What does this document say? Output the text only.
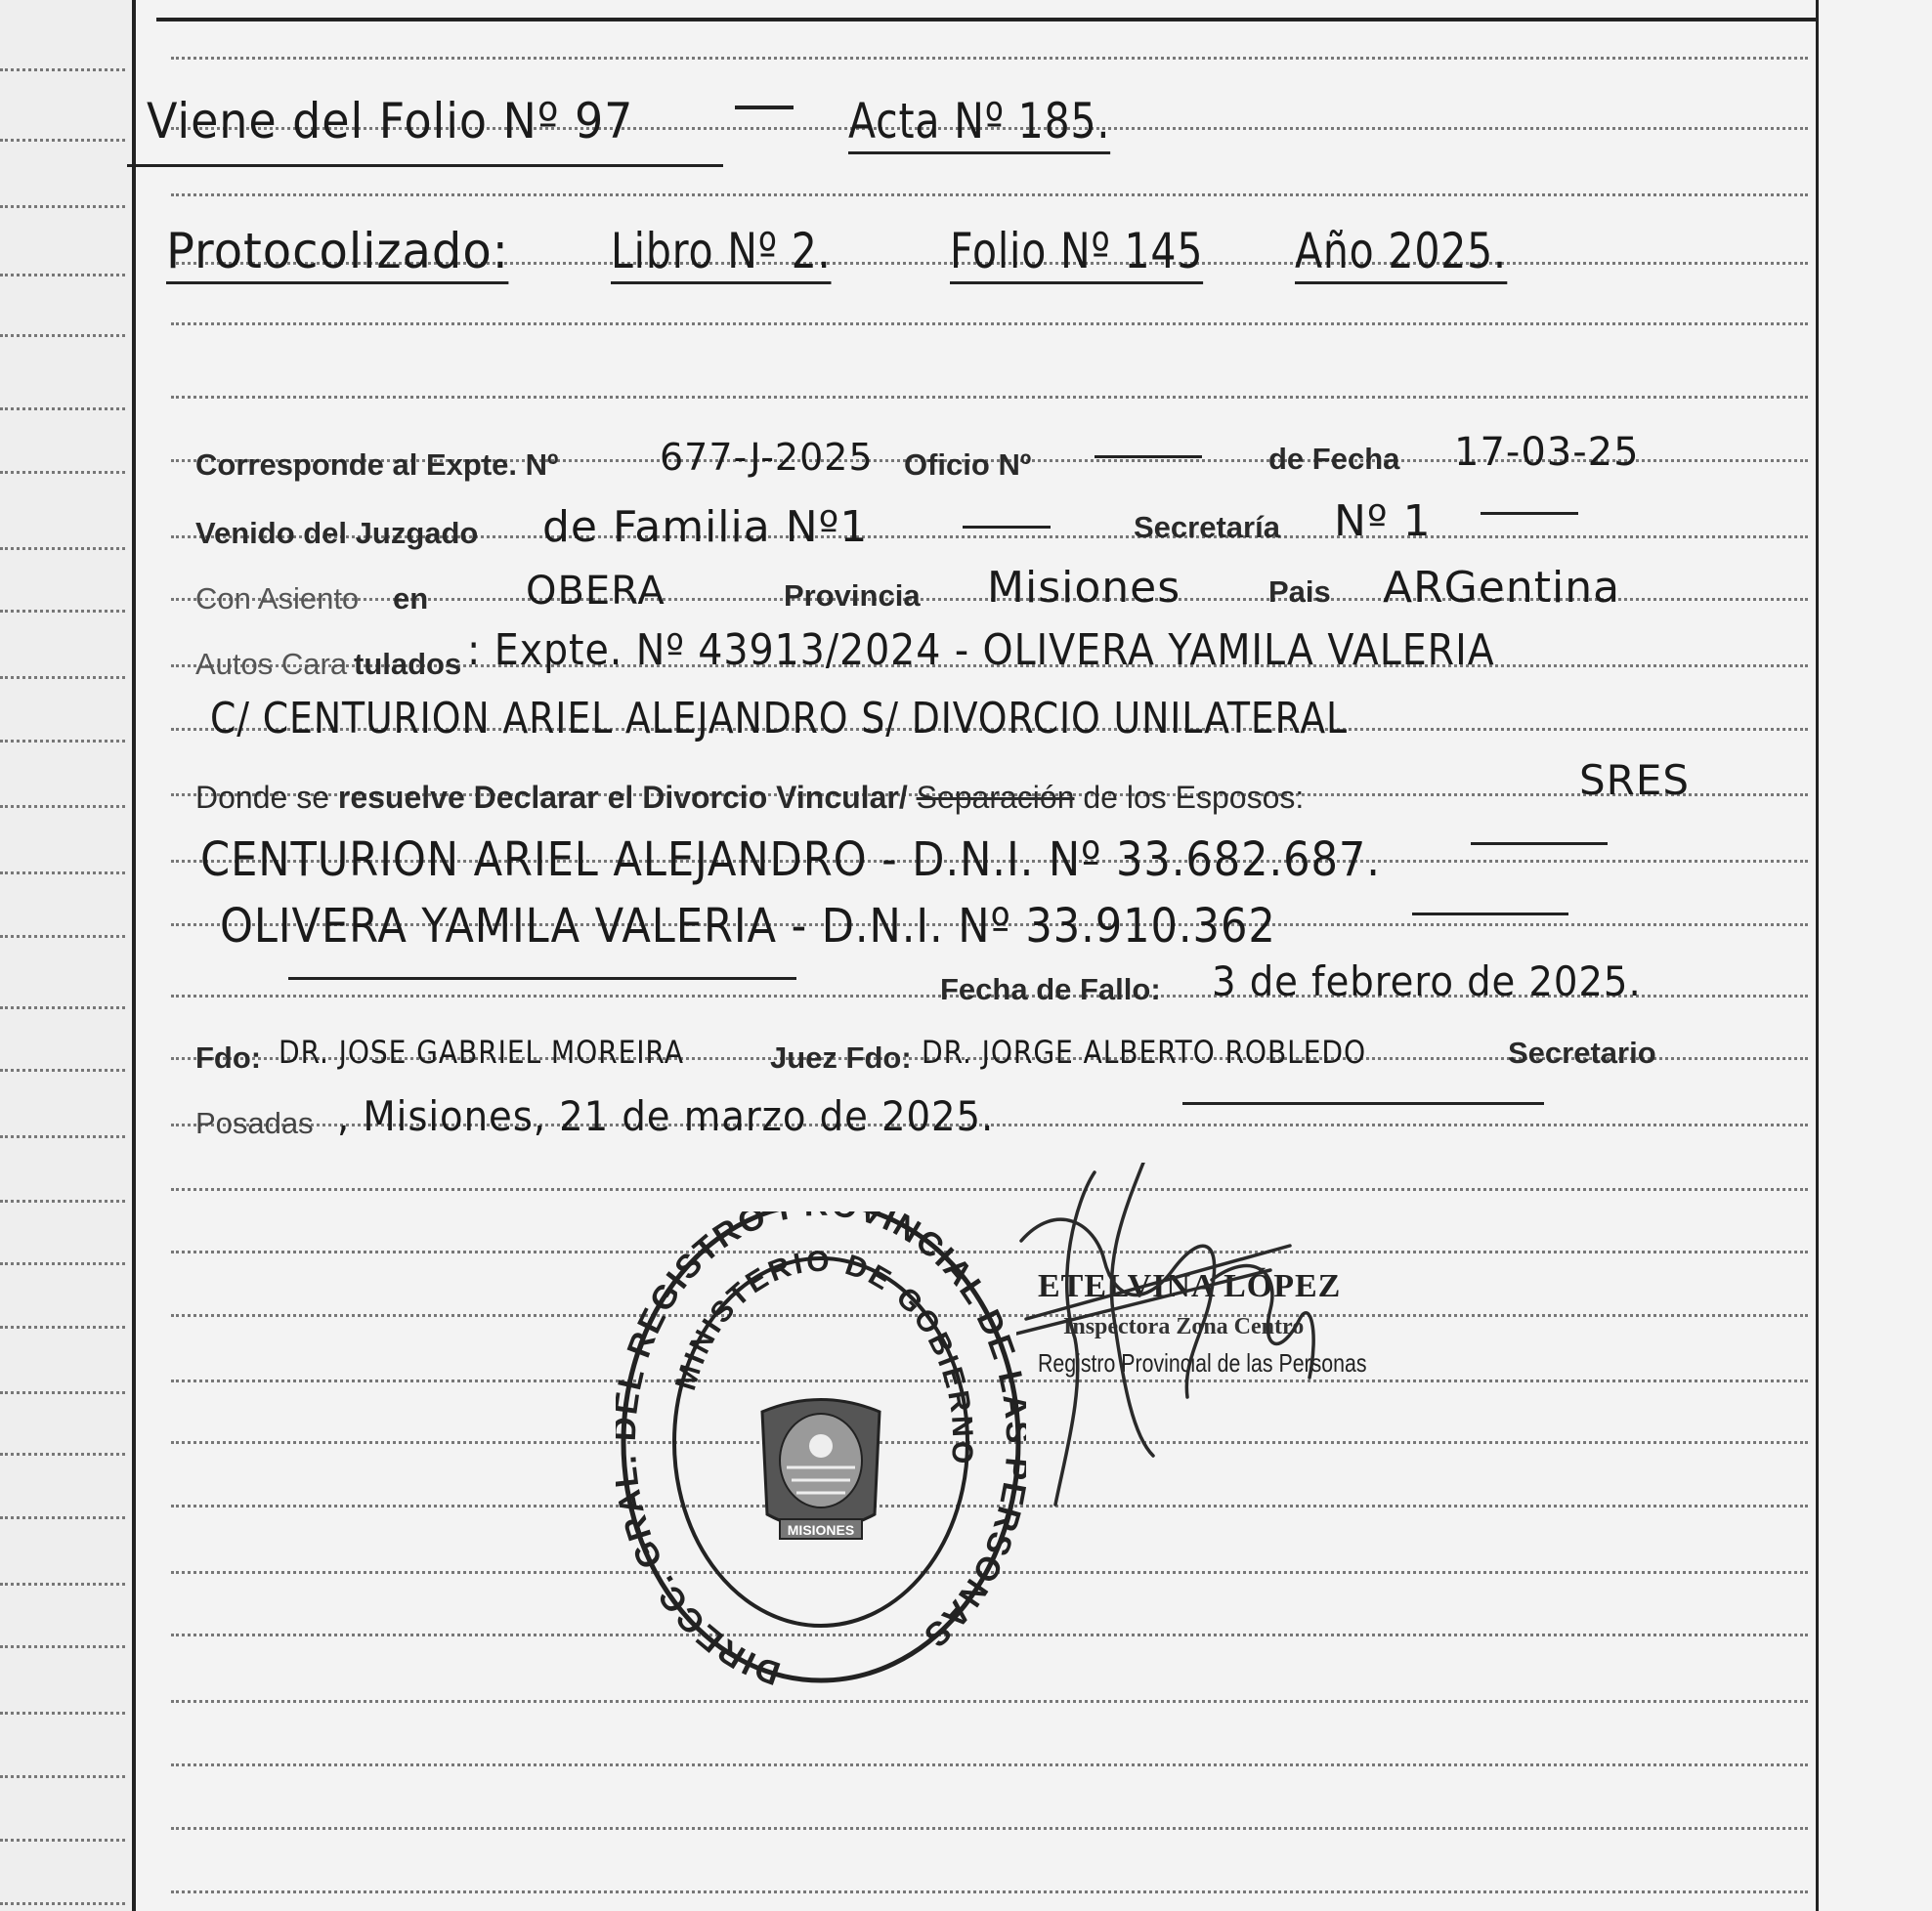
Viene del Folio Nº 97	Acta Nº 185.
Protocolizado: Libro Nº 2. Folio Nº 145 Año 2025.
Corresponde al Expte. Nº	677-J-2025 Oficio Nº	de Fecha 17-03-25
Venido del Juzgado de Familia Nº1	Secretaría Nº 1
Con Asiento en OBERA	Provincia Misiones	Pais ARGentina
Autos Cara tulados : Expte. Nº 43913/2024 - OLIVERA YAMILA VALERIA
C/ CENTURION ARIEL ALEJANDRO S/ DIVORCIO UNILATERAL
Donde se resuelve Declarar el Divorcio Vincular/ Separación de los Esposos:	SRES
CENTURION ARIEL ALEJANDRO - D.N.I. Nº 33.682.687.
OLIVERA YAMILA VALERIA - D.N.I. Nº 33.910.362
Fecha de Fallo: 3 de febrero de 2025.
Fdo: DR. JOSE GABRIEL MOREIRA	Juez Fdo: DR. JORGE ALBERTO ROBLEDO	Secretario
Posadas , Misiones, 21 de marzo de 2025.
DIRECC. GR REGISTRO VINCIAL DE RSONAS
MINISTERIO DE GOBIERNO
MISIONES
ETELVINA LÓPEZ
Inspectora Zona Centro
Registro Provincial de las Personas
